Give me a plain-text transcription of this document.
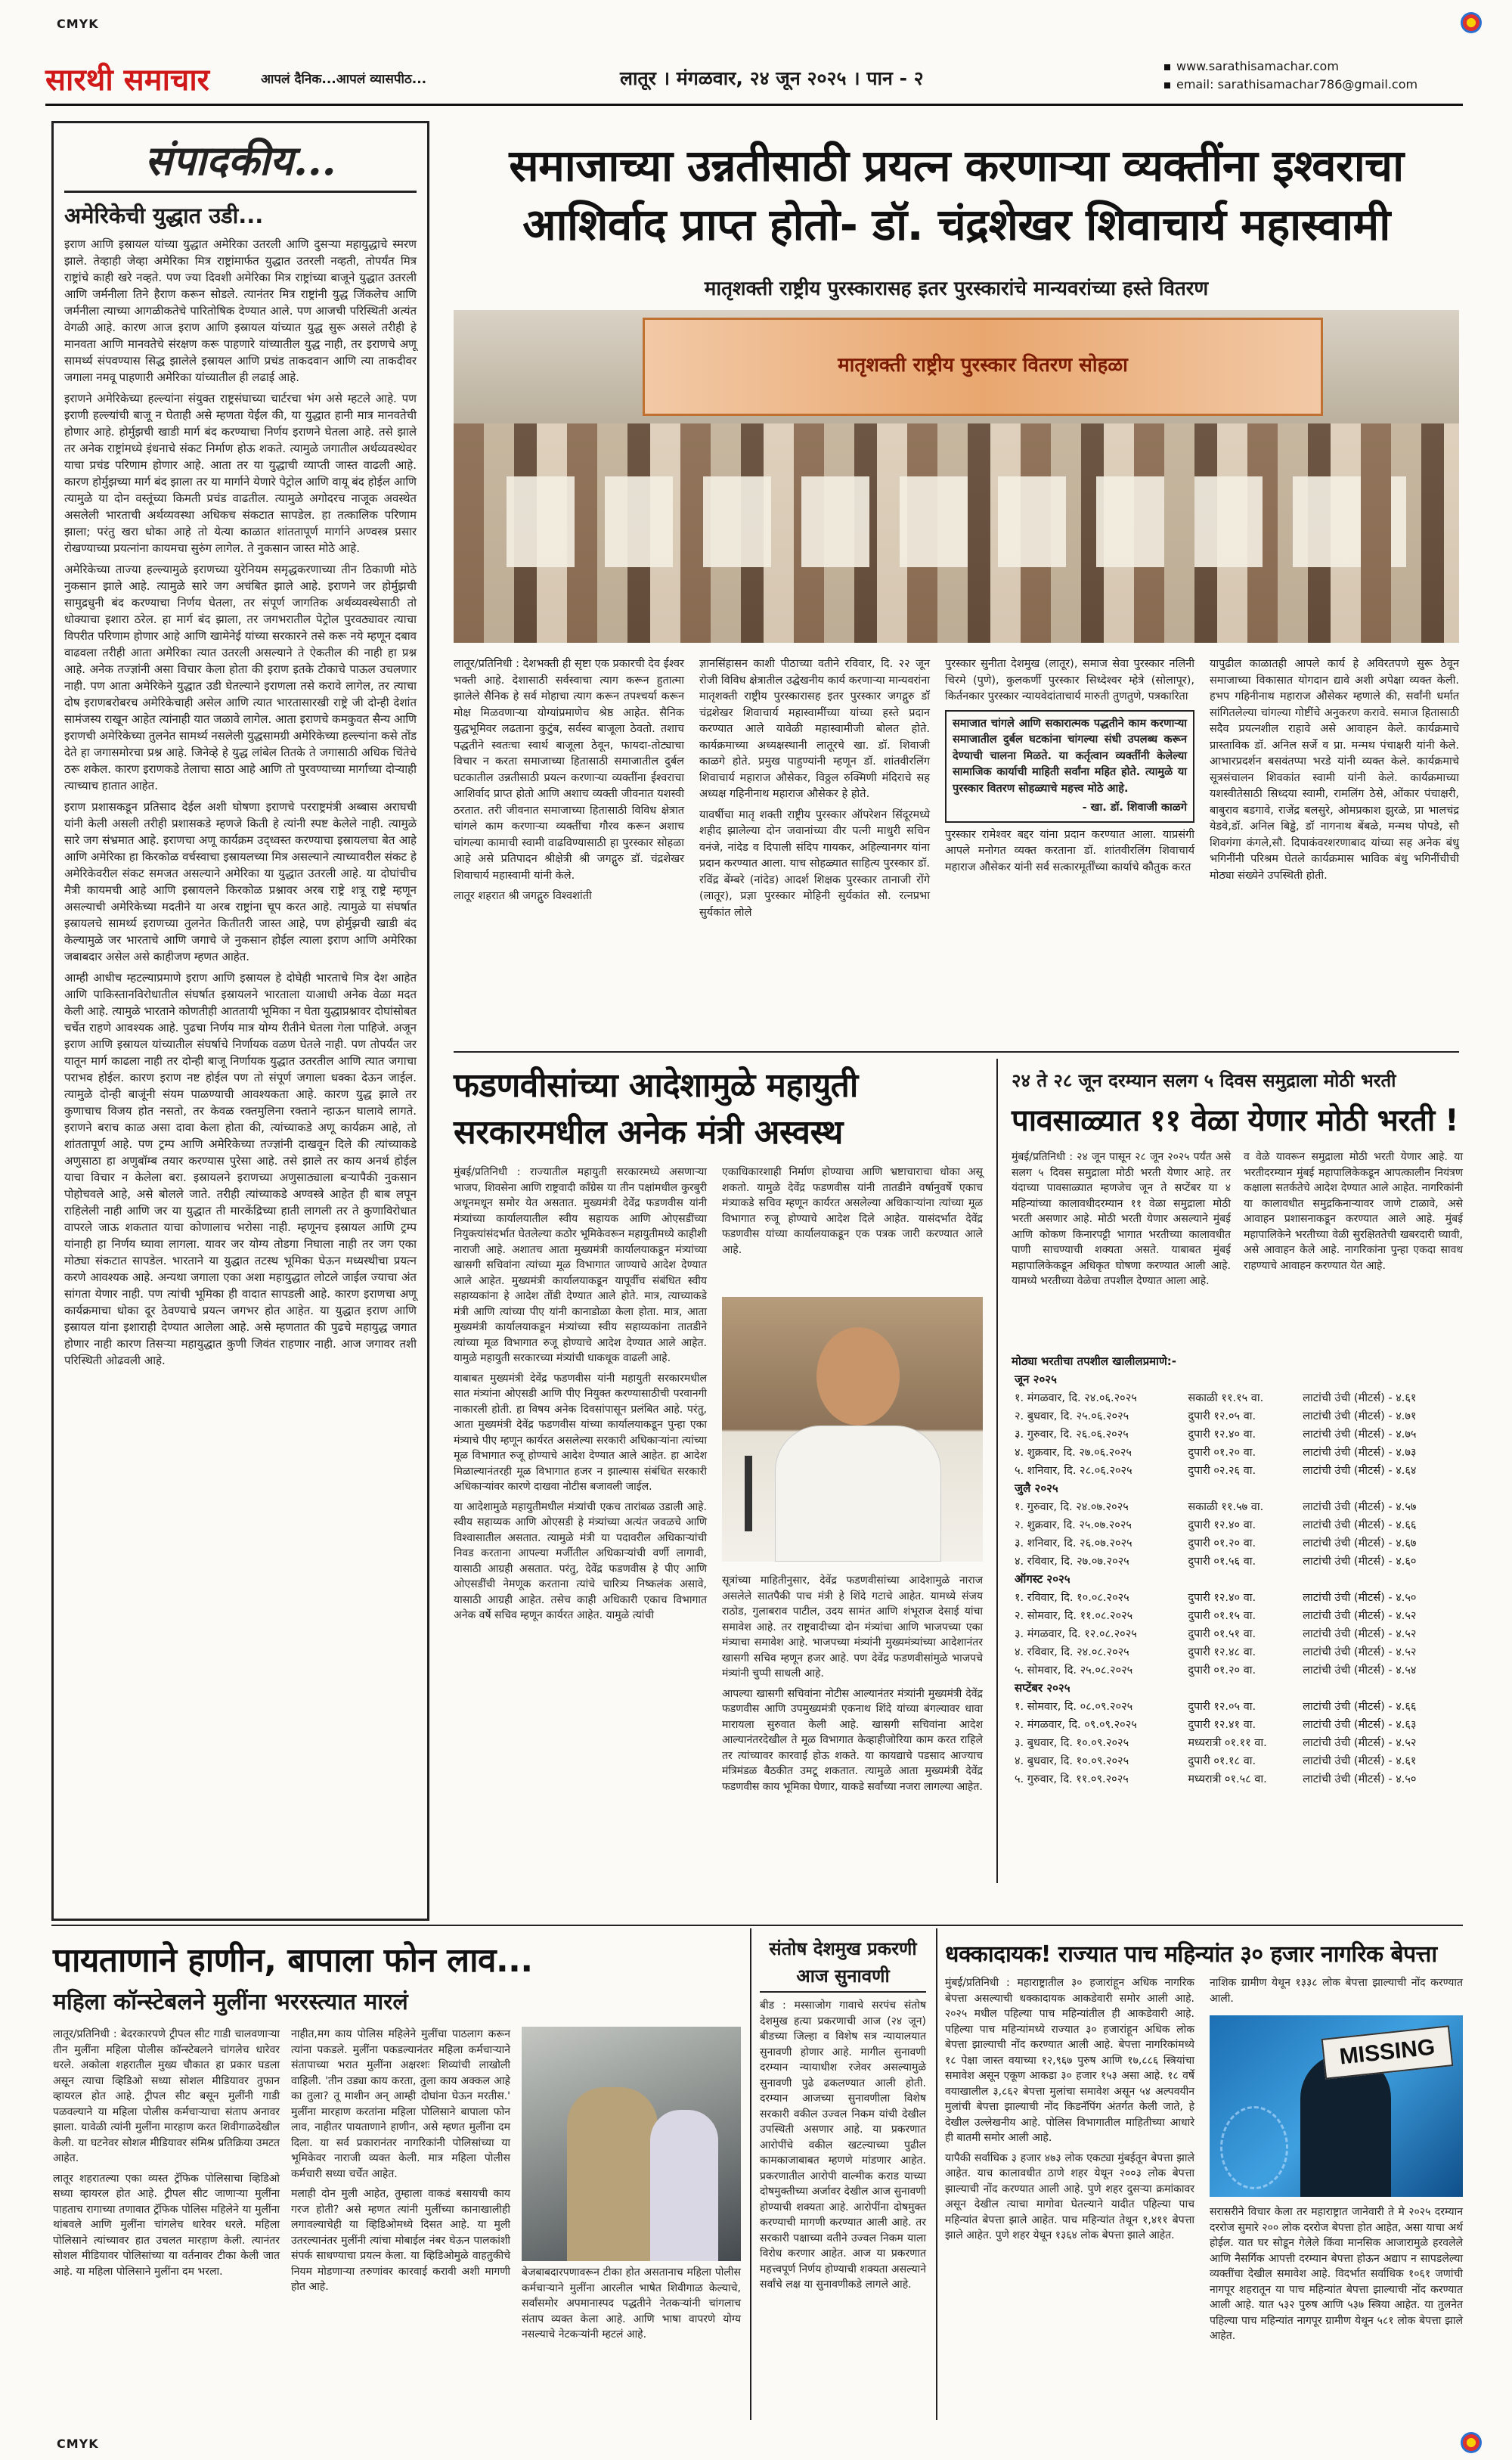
CMYK
CMYK
सारथी समाचार	आपलं दैनिक...आपलं व्यासपीठ...	लातूर । मंगळवार, २४ जून २०२५ । पान - २
www.sarathisamachar.com
email: sarathisamachar786@gmail.com
संपादकीय...
अमेरिकेची युद्धात उडी...

इराण आणि इस्रायल यांच्या युद्धात अमेरिका उतरली आणि दुसऱ्या महायुद्धाचे स्मरण झाले. तेव्हाही जेव्हा अमेरिका मित्र राष्ट्रांमार्फत युद्धात उतरली नव्हती, तोपर्यंत मित्र राष्ट्रांचे काही खरे नव्हते. पण ज्या दिवशी अमेरिका मित्र राष्ट्रांच्या बाजूने युद्धात उतरली आणि जर्मनीला तिने हैराण करून सोडले. त्यानंतर मित्र राष्ट्रांनी युद्ध जिंकलेच आणि जर्मनीला त्याच्या आगळीकतेचे पारितोषिक देण्यात आले. पण आजची परिस्थिती अत्यंत वेगळी आहे. कारण आज इराण आणि इस्रायल यांच्यात युद्ध सुरू असले तरीही हे मानवता आणि मानवतेचे संरक्षण करू पाहणारे यांच्यातील युद्ध नाही, तर इराणचे अणू सामर्थ्य संपवण्यास सिद्ध झालेले इस्रायल आणि प्रचंड ताकदवान आणि त्या ताकदीवर जगाला नमवू पाहणारी अमेरिका यांच्यातील ही लढाई आहे.

इराणने अमेरिकेच्या हल्ल्यांना संयुक्त राष्ट्रसंघाच्या चार्टरचा भंग असे म्हटले आहे. पण इराणी हल्ल्यांची बाजू न घेताही असे म्हणता येईल की, या युद्धात हानी मात्र मानवतेची होणार आहे. होर्मुझची खाडी मार्ग बंद करण्याचा निर्णय इराणने घेतला आहे. तसे झाले तर अनेक राष्ट्रांमध्ये इंधनाचे संकट निर्माण होऊ शकते. त्यामुळे जगातील अर्थव्यवस्थेवर याचा प्रचंड परिणाम होणार आहे. आता तर या युद्धाची व्याप्ती जास्त वाढली आहे. कारण होर्मुझच्या मार्ग बंद झाला तर या मार्गाने येणारे पेट्रोल आणि वायू बंद होईल आणि त्यामुळे या दोन वस्तूंच्या किमती प्रचंड वाढतील. त्यामुळे अगोदरच नाजूक अवस्थेत असलेली भारताची अर्थव्यवस्था अधिकच संकटात सापडेल. हा तत्कालिक परिणाम झाला; परंतु खरा धोका आहे तो येत्या काळात शांततापूर्ण मार्गाने अण्वस्त्र प्रसार रोखण्याच्या प्रयत्नांना कायमचा सुरुंग लागेल. ते नुकसान जास्त मोठे आहे.

अमेरिकेच्या ताज्या हल्ल्यामुळे इराणच्या युरेनियम समृद्धकरणाच्या तीन ठिकाणी मोठे नुकसान झाले आहे. त्यामुळे सारे जग अचंबित झाले आहे. इराणने जर होर्मुझची सामुद्रधुनी बंद करण्याचा निर्णय घेतला, तर संपूर्ण जागतिक अर्थव्यवस्थेसाठी तो धोक्याचा इशारा ठरेल. हा मार्ग बंद झाला, तर जगभरातील पेट्रोल पुरवठ्यावर त्याचा विपरीत परिणाम होणार आहे आणि खामेनेई यांच्या सरकारने तसे करू नये म्हणून दबाव वाढवला तरीही आता अमेरिका त्यात उतरली असल्याने ते ऐकतील की नाही हा प्रश्न आहे. अनेक तज्ज्ञांनी असा विचार केला होता की इराण इतके टोकाचे पाऊल उचलणार नाही. पण आता अमेरिकेने युद्धात उडी घेतल्याने इराणला तसे करावे लागेल, तर त्याचा दोष इराणबरोबरच अमेरिकेचाही असेल आणि त्यात भारतासारखी राष्ट्रे जी दोन्ही देशांत सामंजस्य राखून आहेत त्यांनाही यात जळावे लागेल. आता इराणचे कमकुवत सैन्य आणि इराणची अमेरिकेच्या तुलनेत सामर्थ्य नसलेली युद्धसामग्री अमेरिकेच्या हल्ल्यांना कसे तोंड देते हा जगासमोरचा प्रश्न आहे. जिनेव्हे हे युद्ध लांबेल तितके ते जगासाठी अधिक चिंतेचे ठरू शकेल. कारण इराणकडे तेलाचा साठा आहे आणि तो पुरवण्याच्या मार्गाच्या दोऱ्याही त्याच्याच हातात आहेत.

इराण प्रशासकडून प्रतिसाद देईल अशी घोषणा इराणचे परराष्ट्रमंत्री अब्बास अराघची यांनी केली असली तरीही प्रशासकडे म्हणजे किती हे त्यांनी स्पष्ट केलेले नाही. त्यामुळे सारे जग संभ्रमात आहे. इराणचा अणू कार्यक्रम उद्ध्वस्त करण्याचा इस्रायलचा बेत आहे आणि अमेरिका हा किरकोळ वर्चस्वाचा इस्रायलच्या मित्र असल्याने त्याच्यावरील संकट हे अमेरिकेवरील संकट समजत असल्याने अमेरिका या युद्धात उतरली आहे. या दोघांचीच मैत्री कायमची आहे आणि इस्रायलने किरकोळ प्रश्नावर अरब राष्ट्रे शत्रू राष्ट्रे म्हणून असल्याची अमेरिकेच्या मदतीने या अरब राष्ट्रांना चूप करत आहे. त्यामुळे या संघर्षात इस्रायलचे सामर्थ्य इराणच्या तुलनेत कितीतरी जास्त आहे, पण होर्मुझची खाडी बंद केल्यामुळे जर भारताचे आणि जगाचे जे नुकसान होईल त्याला इराण आणि अमेरिका जबाबदार असेल असे काहीजण म्हणत आहेत.

आम्ही आधीच म्हटल्याप्रमाणे इराण आणि इस्रायल हे दोघेही भारताचे मित्र देश आहेत आणि पाकिस्तानविरोधातील संघर्षात इस्रायलने भारताला याआधी अनेक वेळा मदत केली आहे. त्यामुळे भारताने कोणतीही आततायी भूमिका न घेता युद्धाप्रश्नावर दोघांसोबत चर्चेत राहणे आवश्यक आहे. पुढचा निर्णय मात्र योग्य रीतीने घेतला गेला पाहिजे. अजून इराण आणि इस्रायल यांच्यातील संघर्षाचे निर्णायक वळण घेतले नाही. पण तोपर्यंत जर यातून मार्ग काढला नाही तर दोन्ही बाजू निर्णायक युद्धात उतरतील आणि त्यात जगाचा पराभव होईल. कारण इराण नष्ट होईल पण तो संपूर्ण जगाला धक्का देऊन जाईल. त्यामुळे दोन्ही बाजूंनी संयम पाळण्याची आवश्यकता आहे. कारण युद्ध झाले तर कुणाचाच विजय होत नसतो, तर केवळ रक्तमुलिना रक्ताने न्हाऊन घालावे लागते. इराणने बराच काळ असा दावा केला होता की, त्यांच्याकडे अणू कार्यक्रम आहे, तो शांततापूर्ण आहे. पण ट्रम्प आणि अमेरिकेच्या तज्ज्ञांनी दाखवून दिले की त्यांच्याकडे अणुसाठा हा अणुबॉम्ब तयार करण्यास पुरेसा आहे. तसे झाले तर काय अनर्थ होईल याचा विचार न केलेला बरा. इस्रायलने इराणच्या अणुसाठ्याला बऱ्यापैकी नुकसान पोहोचवले आहे, असे बोलले जाते. तरीही त्यांच्याकडे अण्वस्त्रे आहेत ही बाब लपून राहिलेली नाही आणि जर या युद्धात ती मारकेंद्रिच्या हाती लागली तर ते कुणाविरोधात वापरले जाऊ शकतात याचा कोणालाच भरोसा नाही. म्हणूनच इस्रायल आणि ट्रम्प यांनाही हा निर्णय घ्यावा लागला. यावर जर योग्य तोडगा निघाला नाही तर जग एका मोठ्या संकटात सापडेल. भारताने या युद्धात तटस्थ भूमिका घेऊन मध्यस्थीचा प्रयत्न करणे आवश्यक आहे. अन्यथा जगाला एका अशा महायुद्धात लोटले जाईल ज्याचा अंत सांगता येणार नाही. पण त्यांची भूमिका ही वादात सापडली आहे. कारण इराणचा अणू कार्यक्रमाचा धोका दूर ठेवण्याचे प्रयत्न जगभर होत आहेत. या युद्धात इराण आणि इस्रायल यांना इशाराही देण्यात आलेला आहे. असे म्हणतात की पुढचे महायुद्ध जगात होणार नाही कारण तिसऱ्या महायुद्धात कुणी जिवंत राहणार नाही. आज जगावर तशी परिस्थिती ओढवली आहे.

समाजाच्या उन्नतीसाठी प्रयत्न करणाऱ्या व्यक्तींना इश्वराचा
आशिर्वाद प्राप्त होतो- डॉ. चंद्रशेखर शिवाचार्य महास्वामी
मातृशक्ती राष्ट्रीय पुरस्कारासह इतर पुरस्कारांचे मान्यवरांच्या हस्ते वितरण
मातृशक्ती राष्ट्रीय पुरस्कार वितरण सोहळा

लातूर/प्रतिनिधी : देशभक्ती ही सृष्टा एक प्रकारची देव ईश्वर भक्ती आहे. देशासाठी सर्वस्वाचा त्याग करून हुतात्मा झालेले सैनिक हे सर्व मोहाचा त्याग करून तपश्चर्या करून मोक्ष मिळवणाऱ्या योग्यांप्रमाणेच श्रेष्ठ आहेत. सैनिक युद्धभूमिवर लढताना कुटुंब, सर्वस्व बाजूला ठेवतो. तशाच पद्धतीने स्वतःचा स्वार्थ बाजूला ठेवून, फायदा-तोट्याचा विचार न करता समाजाच्या हितासाठी समाजातील दुर्बल घटकातील उन्नतीसाठी प्रयत्न करणाऱ्या व्यक्तींना ईश्वराचा आशिर्वाद प्राप्त होतो आणि अशाच व्यक्ती जीवनात यशस्वी ठरतात. तरी जीवनात समाजाच्या हितासाठी विविध क्षेत्रात चांगले काम करणाऱ्या व्यक्तींचा गौरव करून अशाच चांगल्या कामाची स्वामी वाढविण्यासाठी हा पुरस्कार सोहळा आहे असे प्रतिपादन श्रीक्षेत्री श्री जगद्गुरु डॉ. चंद्रशेखर शिवाचार्य महास्वामी यांनी केले.

लातूर शहरात श्री जगद्गुरु विश्वशांती

ज्ञानसिंहासन काशी पीठाच्या वतीने रविवार, दि. २२ जून रोजी विविध क्षेत्रातील उद्घेखनीय कार्य करणाऱ्या मान्यवरांना मातृशक्ती राष्ट्रीय पुरस्कारासह इतर पुरस्कार जगद्गुरु डॉ चंद्रशेखर शिवाचार्य महास्वामींच्या यांच्या हस्ते प्रदान करण्यात आले यावेळी महास्वामीजी बोलत होते. कार्यक्रमाच्या अध्यक्षस्थानी लातूरचे खा. डॉ. शिवाजी काळगे होते. प्रमुख पाहुण्यांनी म्हणून डॉ. शांतवीरलिंग शिवाचार्य महाराज औसेकर, विठ्ठल रुक्मिणी मंदिराचे सह अध्यक्ष गहिनीनाथ महाराज औसेकर हे होते.

यावर्षीचा मातृ शक्ती राष्ट्रीय पुरस्कार ऑपरेशन सिंदूरमध्ये शहीद झालेल्या दोन जवानांच्या वीर पत्नी माधुरी सचिन वनंजे, नांदेड व दिपाली संदिप गायकर, अहिल्यानगर यांना प्रदान करण्यात आला. याच सोहळ्यात साहित्य पुरस्कार डॉ. रविंद्र बेंम्बरे (नांदेड) आदर्श शिक्षक पुरस्कार तानाजी रोंगे (लातूर), प्रज्ञा पुरस्कार मोहिनी सुर्यकांत सौ. रत्नप्रभा सुर्यकांत लोले

पुरस्कार सुनीता देशमुख (लातूर), समाज सेवा पुरस्कार नलिनी चिरमे (पुणे), कुलकर्णी पुरस्कार सिध्देश्वर म्हेत्रे (सोलापूर), किर्तनकार पुरस्कार न्यायवेदांताचार्य मारुती तुणतुणे, पत्रकारिता

समाजात चांगले आणि सकारात्मक पद्धतीने काम करणाऱ्या समाजातील दुर्बल घटकांना चांगल्या संधी उपलब्ध करून देण्याची चालना मिळते. या कर्तृत्वान व्यक्तींनी केलेल्या सामाजिक कार्याची माहिती सर्वांना महित होते. त्यामुळे या पुरस्कार वितरण सोहळ्याचे महत्त्व मोठे आहे.
- खा. डॉ. शिवाजी काळगे

पुरस्कार रामेश्वर बद्दर यांना प्रदान करण्यात आला. याप्रसंगी आपले मनोगत व्यक्त करताना डॉ. शांतवीरलिंग शिवाचार्य महाराज औसेकर यांनी सर्व सत्कारमूर्तींच्या कार्याचे कौतुक करत

यापुढील काळातही आपले कार्य हे अविरतपणे सुरू ठेवून समाजाच्या विकासात योगदान द्यावे अशी अपेक्षा व्यक्त केली. हभप गहिनीनाथ महाराज औसेकर म्हणाले की, सर्वांनी धर्मात सांगितलेल्या चांगल्या गोष्टींचे अनुकरण करावे. समाज हितासाठी सदैव प्रयत्नशील राहावे असे आवाहन केले. कार्यक्रमाचे प्रास्ताविक डॉ. अनिल सर्जे व प्रा. मन्मथ पंचाक्षरी यांनी केले. आभारप्रदर्शन बसवंतप्पा भरडे यांनी व्यक्त केले. कार्यक्रमाचे सूत्रसंचालन शिवकांत स्वामी यांनी केले. कार्यक्रमाच्या यशस्वीतेसाठी सिध्दया स्वामी, रामलिंग ठेसे, ओंकार पंचाक्षरी, बाबुराव बडगावे, राजेंद्र बलसुरे, ओमप्रकाश झुरळे, प्रा भालचंद्र येडवे,डॉ. अनिल बिड्ढे, डॉ नागनाथ बेंबळे, मन्मथ पोपडे, सौ शिवगंगा कंगले,सौ. दिपाकंवरशरणाबाद यांच्या सह अनेक बंधु भगिनींनी परिश्रम घेतले कार्यक्रमास भाविक बंधु भगिनींचीची मोठ्या संख्येने उपस्थिती होती.

फडणवीसांच्या आदेशामुळे महायुती
सरकारमधील अनेक मंत्री अस्वस्थ

मुंबई/प्रतिनिधी : राज्यातील महायुती सरकारमध्ये असणाऱ्या भाजप, शिवसेना आणि राष्ट्रवादी काँग्रेस या तीन पक्षांमधील कुरबुरी अधूनमधून समोर येत असतात. मुख्यमंत्री देवेंद्र फडणवीस यांनी मंत्र्यांच्या कार्यालयातील स्वीय सहायक आणि ओएसडींच्या नियुक्त्यांसंदर्भात घेतलेल्या कठोर भूमिकेवरून महायुतीमध्ये काहीशी नाराजी आहे. अशातच आता मुख्यमंत्री कार्यालयाकडून मंत्र्यांच्या खासगी सचिवांना त्यांच्या मूळ विभागात जाण्याचे आदेश देण्यात आले आहेत. मुख्यमंत्री कार्यालयाकडून यापूर्वीच संबंधित स्वीय सहाय्यकांना हे आदेश तोंडी देण्यात आले होते. मात्र, त्याच्याकडे मंत्री आणि त्यांच्या पीए यांनी कानाडोळा केला होता. मात्र, आता मुख्यमंत्री कार्यालयाकडून मंत्र्यांच्या स्वीय सहाय्यकांना तातडीने त्यांच्या मूळ विभागात रुजू होण्याचे आदेश देण्यात आले आहेत. यामुळे महायुती सरकारच्या मंत्र्यांची धाकधूक वाढली आहे.

याबाबत मुख्यमंत्री देवेंद्र फडणवीस यांनी महायुती सरकारमधील सात मंत्र्यांना ओएसडी आणि पीए नियुक्त करण्यासाठीची परवानगी नाकारली होती. हा विषय अनेक दिवसांपासून प्रलंबित आहे. परंतु, आता मुख्यमंत्री देवेंद्र फडणवीस यांच्या कार्यालयाकडून पुन्हा एका मंत्र्याचे पीए म्हणून कार्यरत असलेल्या सरकारी अधिकाऱ्यांना त्यांच्या मूळ विभागात रुजू होण्याचे आदेश देण्यात आले आहेत. हा आदेश मिळाल्यानंतरही मूळ विभागात हजर न झाल्यास संबंधित सरकारी अधिकाऱ्यांवर कारणे दाखवा नोटीस बजावली जाईल.

या आदेशामुळे महायुतीमधील मंत्र्यांची एकच तारांबळ उडाली आहे. स्वीय सहाय्यक आणि ओएसडी हे मंत्र्यांच्या अत्यंत जवळचे आणि विश्वासातील असतात. त्यामुळे मंत्री या पदावरील अधिकाऱ्यांची निवड करताना आपल्या मर्जीतील अधिकाऱ्यांची वर्णी लागावी, यासाठी आग्रही असतात. परंतु, देवेंद्र फडणवीस हे पीए आणि ओएसडींची नेमणूक करताना त्यांचे चारित्र्य निष्कलंक असावे, यासाठी आग्रही आहेत. तसेच काही अधिकारी एकाच विभागात अनेक वर्षे सचिव म्हणून कार्यरत आहेत. यामुळे त्यांची

एकाधिकारशाही निर्माण होण्याचा आणि भ्रष्टाचाराचा धोका असू शकतो. यामुळे देवेंद्र फडणवीस यांनी तातडीने वर्षानुवर्षे एकाच मंत्र्याकडे सचिव म्हणून कार्यरत असलेल्या अधिकाऱ्यांना त्यांच्या मूळ विभागात रुजू होण्याचे आदेश दिले आहेत. यासंदर्भात देवेंद्र फडणवीस यांच्या कार्यालयाकडून एक पत्रक जारी करण्यात आले आहे.

सूत्रांच्या माहितीनुसार, देवेंद्र फडणवीसांच्या आदेशामुळे नाराज असलेले सातपैकी पाच मंत्री हे शिंदे गटाचे आहेत. यामध्ये संजय राठोड, गुलाबराव पाटील, उदय सामंत आणि शंभूराज देसाई यांचा समावेश आहे. तर राष्ट्रवादीच्या दोन मंत्र्यांचा आणि भाजपच्या एका मंत्र्याचा समावेश आहे. भाजपच्या मंत्र्यांनी मुख्यमंत्र्यांच्या आदेशानंतर खासगी सचिव म्हणून हजर आहे. पण देवेंद्र फडणवीसांमुळे भाजपचे मंत्र्यांनी चुप्पी साधली आहे.

आपल्या खासगी सचिवांना नोटीस आल्यानंतर मंत्र्यांनी मुख्यमंत्री देवेंद्र फडणवीस आणि उपमुख्यमंत्री एकनाथ शिंदे यांच्या बंगल्यावर धावा मारायला सुरुवात केली आहे. खासगी सचिवांना आदेश आल्यानंतरदेखील ते मूळ विभागात केव्हाहीजोरिया काम करत राहिले तर त्यांच्यावर कारवाई होऊ शकते. या कायद्याचे पडसाद आज्याच मंत्रिमंडळ बैठकीत उमटू शकतात. त्यामुळे आता मुख्यमंत्री देवेंद्र फडणवीस काय भूमिका घेणार, याकडे सर्वांच्या नजरा लागल्या आहेत.

२४ ते २८ जून दरम्यान सलग ५ दिवस समुद्राला मोठी भरती
पावसाळ्यात ११ वेळा येणार मोठी भरती !

मुंबई/प्रतिनिधी : २४ जून पासून २८ जून २०२५ पर्यंत असे सलग ५ दिवस समुद्राला मोठी भरती येणार आहे. तर यंदाच्या पावसाळ्यात म्हणजेच जून ते सप्टेंबर या ४ महिन्यांच्या कालावधीदरम्यान ११ वेळा समुद्राला मोठी भरती असणार आहे. मोठी भरती येणार असल्याने मुंबई आणि कोकण किनारपट्टी भागात भरतीच्या कालावधीत पाणी साचण्याची शक्यता असते. याबाबत मुंबई महापालिकेकडून अधिकृत घोषणा करण्यात आली आहे. यामध्ये भरतीच्या वेळेचा तपशील देण्यात आला आहे.

व वेळे यावरून समुद्राला मोठी भरती येणार आहे. या भरतीदरम्यान मुंबई महापालिकेकडून आपत्कालीन नियंत्रण कक्षाला सतर्कतेचे आदेश देण्यात आले आहेत. नागरिकांनी या कालावधीत समुद्रकिनाऱ्यावर जाणे टाळावे, असे आवाहन प्रशासनाकडून करण्यात आले आहे. मुंबई महापालिकेने भरतीच्या वेळी सुरक्षिततेची खबरदारी घ्यावी, असे आवाहन केले आहे. नागरिकांना पुन्हा एकदा सावध राहण्याचे आवाहन करण्यात येत आहे.

मोठ्या भरतीचा तपशील खालीलप्रमाणे:-
जून २०२५		
१. मंगळवार, दि. २४.०६.२०२५	सकाळी ११.१५ वा.	लाटांची उंची (मीटर्स) - ४.६१
२. बुधवार, दि. २५.०६.२०२५	दुपारी १२.०५ वा.	लाटांची उंची (मीटर्स) - ४.७१
३. गुरुवार, दि. २६.०६.२०२५	दुपारी १२.४० वा.	लाटांची उंची (मीटर्स) - ४.७५
४. शुक्रवार, दि. २७.०६.२०२५	दुपारी ०१.२० वा.	लाटांची उंची (मीटर्स) - ४.७३
५. शनिवार, दि. २८.०६.२०२५	दुपारी ०२.२६ वा.	लाटांची उंची (मीटर्स) - ४.६४
जुलै २०२५		
१. गुरुवार, दि. २४.०७.२०२५	सकाळी ११.५७ वा.	लाटांची उंची (मीटर्स) - ४.५७
२. शुक्रवार, दि. २५.०७.२०२५	दुपारी १२.४० वा.	लाटांची उंची (मीटर्स) - ४.६६
३. शनिवार, दि. २६.०७.२०२५	दुपारी ०१.२० वा.	लाटांची उंची (मीटर्स) - ४.६७
४. रविवार, दि. २७.०७.२०२५	दुपारी ०१.५६ वा.	लाटांची उंची (मीटर्स) - ४.६०
ऑगस्ट २०२५		
१. रविवार, दि. १०.०८.२०२५	दुपारी १२.४० वा.	लाटांची उंची (मीटर्स) - ४.५०
२. सोमवार, दि. ११.०८.२०२५	दुपारी ०१.१५ वा.	लाटांची उंची (मीटर्स) - ४.५२
३. मंगळवार, दि. १२.०८.२०२५	दुपारी ०१.५१ वा.	लाटांची उंची (मीटर्स) - ४.५२
४. रविवार, दि. २४.०८.२०२५	दुपारी १२.४८ वा.	लाटांची उंची (मीटर्स) - ४.५२
५. सोमवार, दि. २५.०८.२०२५	दुपारी ०१.२० वा.	लाटांची उंची (मीटर्स) - ४.५४
सप्टेंबर २०२५		
१. सोमवार, दि. ०८.०९.२०२५	दुपारी १२.०५ वा.	लाटांची उंची (मीटर्स) - ४.६६
२. मंगळवार, दि. ०९.०९.२०२५	दुपारी १२.४१ वा.	लाटांची उंची (मीटर्स) - ४.६३
३. बुधवार, दि. १०.०९.२०२५	मध्यरात्री ०१.११ वा.	लाटांची उंची (मीटर्स) - ४.५२
४. बुधवार, दि. १०.०९.२०२५	दुपारी ०१.१८ वा.	लाटांची उंची (मीटर्स) - ४.६१
५. गुरुवार, दि. ११.०९.२०२५	मध्यरात्री ०१.५८ वा.	लाटांची उंची (मीटर्स) - ४.५०
पायताणाने हाणीन, बापाला फोन लाव...
महिला कॉन्स्टेबलने मुलींना भररस्त्यात मारलं

लातूर/प्रतिनिधी : बेदरकारपणे ट्रीपल सीट गाडी चालवणाऱ्या तीन मुलींना महिला पोलीस कॉन्स्टेबलने चांगलेच धारेवर धरले. अकोला शहरातील मुख्य चौकात हा प्रकार घडला असून त्याचा व्हिडिओ सध्या सोशल मीडियावर तुफान व्हायरल होत आहे. ट्रीपल सीट बसून मुलींनी गाडी पळवल्याने या महिला पोलीस कर्मचाऱ्याचा संताप अनावर झाला. यावेळी त्यांनी मुलींना मारहाण करत शिवीगाळदेखील केली. या घटनेवर सोशल मीडियावर संमिश्र प्रतिक्रिया उमटत आहेत.

लातूर शहरातल्या एका व्यस्त ट्रॅफिक पोलिसाचा व्हिडिओ सध्या व्हायरल होत आहे. ट्रीपल सीट जाणाऱ्या मुलींना पाहताच रागाच्या तणावात ट्रॅफिक पोलिस महिलेने या मुलींना थांबवले आणि मुलींना चांगलेच धारेवर धरले. महिला पोलिसाने त्यांच्यावर हात उचलत मारहाण केली. त्यानंतर सोशल मीडियावर पोलिसांच्या या वर्तनावर टीका केली जात आहे. या महिला पोलिसाने मुलींना दम भरला.

नाहीत,मग काय पोलिस महिलेने मुलींचा पाठलाग करून त्यांना पकडले. मुलींना पकडल्यानंतर महिला कर्मचाऱ्याने संतापाच्या भरात मुलींना अक्षरशः शिव्यांची लाखोली वाहिली. 'तीन उड्या काय करता, तुला काय अक्कल आहे का तुला? तू माशीन अन् आम्ही दोघांना घेऊन मरतीस.' मुलींना मारहाण करतांना महिला पोलिसाने बापाला फोन लाव, नाहीतर पायताणाने हाणीन, असे म्हणत मुलींना दम दिला. या सर्व प्रकारानंतर नागरिकांनी पोलिसांच्या या भूमिकेवर नाराजी व्यक्त केली. मात्र महिला पोलीस कर्मचारी सध्या चर्चेत आहेत.

मलाही दोन मुली आहेत, तुम्हाला वाकडं बसायची काय गरज होती? असे म्हणत त्यांनी मुलींच्या कानाखालीही लगावल्याचेही या व्हिडिओमध्ये दिसत आहे. या मुली उतरल्यानंतर मुलींनी त्यांचा मोबाईल नंबर घेऊन पालकांशी संपर्क साधण्याचा प्रयत्न केला. या व्हिडिओमुळे वाहतुकीचे नियम मोडणाऱ्या तरुणांवर कारवाई करावी अशी मागणी होत आहे.

बेजबाबदारपणावरून टीका होत असतानाच महिला पोलीस कर्मचाऱ्याने मुलींना आरलील भाषेत शिवीगाळ केल्याचे, सर्वांसमोर अपमानास्पद पद्धतीने नेतकऱ्यांनी चांगलाच संताप व्यक्त केला आहे. आणि भाषा वापरणे योग्य नसल्याचे नेटकऱ्यांनी म्हटलं आहे.

संतोष देशमुख प्रकरणी
आज सुनावणी

बीड : मस्साजोग गावाचे सरपंच संतोष देशमुख हत्या प्रकरणाची आज (२४ जून) बीडच्या जिल्हा व विशेष सत्र न्यायालयात सुनावणी होणार आहे. मागील सुनावणी दरम्यान न्यायाधीश रजेवर असल्यामुळे सुनावणी पुढे ढकलण्यात आली होती. दरम्यान आजच्या सुनावणीला विशेष सरकारी वकील उज्वल निकम यांची देखील उपस्थिती असणार आहे. या प्रकरणात आरोपींचे वकील खटल्याच्या पुढील कामकाजाबाबत म्हणणे मांडणार आहेत. प्रकरणातील आरोपी वाल्मीक कराड याच्या दोषमुक्तीच्या अर्जावर देखील आज सुनावणी होण्याची शक्यता आहे. आरोपींना दोषमुक्त करण्याची मागणी करण्यात आली आहे. तर सरकारी पक्षाच्या वतीने उज्वल निकम याला विरोध करणार आहेत. आज या प्रकरणात महत्त्वपूर्ण निर्णय होण्याची शक्यता असल्याने सर्वांचे लक्ष या सुनावणीकडे लागले आहे.

धक्कादायक! राज्यात पाच महिन्यांत ३० हजार नागरिक बेपत्ता

मुंबई/प्रतिनिधी : महाराष्ट्रातील ३० हजारांहून अधिक नागरिक बेपत्ता असल्याची धक्कादायक आकडेवारी समोर आली आहे. २०२५ मधील पहिल्या पाच महिन्यांतील ही आकडेवारी आहे. पहिल्या पाच महिन्यांमध्ये राज्यात ३० हजारांहून अधिक लोक बेपत्ता झाल्याची नोंद करण्यात आली आहे. बेपत्ता नागरिकांमध्ये १८ पेक्षा जास्त वयाच्या १२,९६७ पुरुष आणि १७,८८६ स्त्रियांचा समावेश असून एकूण आकडा ३० हजार १५३ असा आहे. १८ वर्षे वयाखालील ३,८६२ बेपत्ता मुलांचा समावेश असून ५४ अल्पवयीन मुलांची बेपत्ता झाल्याची नोंद किडनॅपिंग अंतर्गत केली जाते, हे देखील उल्लेखनीय आहे. पोलिस विभागातील माहितीच्या आधारे ही बातमी समोर आली आहे.

यापैकी सर्वाधिक ३ हजार ४७३ लोक एकट्या मुंबईतून बेपत्ता झाले आहेत. याच कालावधीत ठाणे शहर येथून २००३ लोक बेपत्ता झाल्याची नोंद करण्यात आली आहे. पुणे शहर दुसऱ्या क्रमांकावर असून देखील त्याचा मागोवा घेतल्याने यादीत पहिल्या पाच महिन्यांत बेपत्ता झाले आहेत. पाच महिन्यांत तेथून १,४११ बेपत्ता झाले आहेत. पुणे शहर येथून १३६४ लोक बेपत्ता झाले आहेत.

नाशिक ग्रामीण येथून १३३८ लोक बेपत्ता झाल्याची नोंद करण्यात आली.

MISSING

सरासरीने विचार केला तर महाराष्ट्रात जानेवारी ते मे २०२५ दरम्यान दररोज सुमारे २०० लोक दररोज बेपत्ता होत आहेत, असा याचा अर्थ होईल. यात घर सोडून गेलेले किंवा मानसिक आजारामुळे हरवलेले आणि नैसर्गिक आपत्ती दरम्यान बेपत्ता होऊन अद्याप न सापडलेल्या व्यक्तींचा देखील समावेश आहे. विदर्भात सर्वाधिक १०६१ जणांची नागपूर शहरातून या पाच महिन्यांत बेपत्ता झाल्याची नोंद करण्यात आली आहे. यात ५३२ पुरुष आणि ५३७ स्त्रिया आहेत. या तुलनेत पहिल्या पाच महिन्यांत नागपूर ग्रामीण येथून ५८१ लोक बेपत्ता झाले आहेत.
